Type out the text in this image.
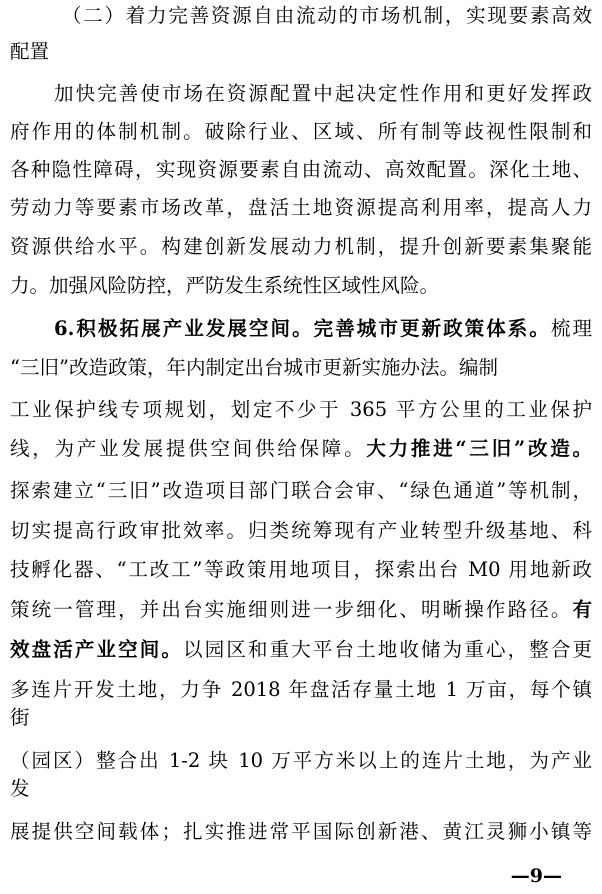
（二）着力完善资源自由流动的市场机制，实现要素高效
配置
加快完善使市场在资源配置中起决定性作用和更好发挥政
府作用的体制机制。破除行业、区域、所有制等歧视性限制和
各种隐性障碍，实现资源要素自由流动、高效配置。深化土地、
劳动力等要素市场改革，盘活土地资源提高利用率，提高人力
资源供给水平。构建创新发展动力机制，提升创新要素集聚能
力。加强风险防控，严防发生系统性区域性风险。
6.积极拓展产业发展空间。完善城市更新政策体系。梳理
“三旧”改造政策，年内制定出台城市更新实施办法。编制
工业保护线专项规划，划定不少于 365 平方公里的工业保护
线，为产业发展提供空间供给保障。大力推进“三旧”改造。
探索建立“三旧”改造项目部门联合会审、“绿色通道”等机制，
切实提高行政审批效率。归类统筹现有产业转型升级基地、科
技孵化器、“工改工”等政策用地项目，探索出台 M0 用地新政
策统一管理，并出台实施细则进一步细化、明晰操作路径。有
效盘活产业空间。以园区和重大平台土地收储为重心，整合更
多连片开发土地，力争 2018 年盘活存量土地 1 万亩，每个镇
街
（园区）整合出 1-2 块 10 万平方米以上的连片土地，为产业
发
展提供空间载体；扎实推进常平国际创新港、黄江灵狮小镇等
—9—
